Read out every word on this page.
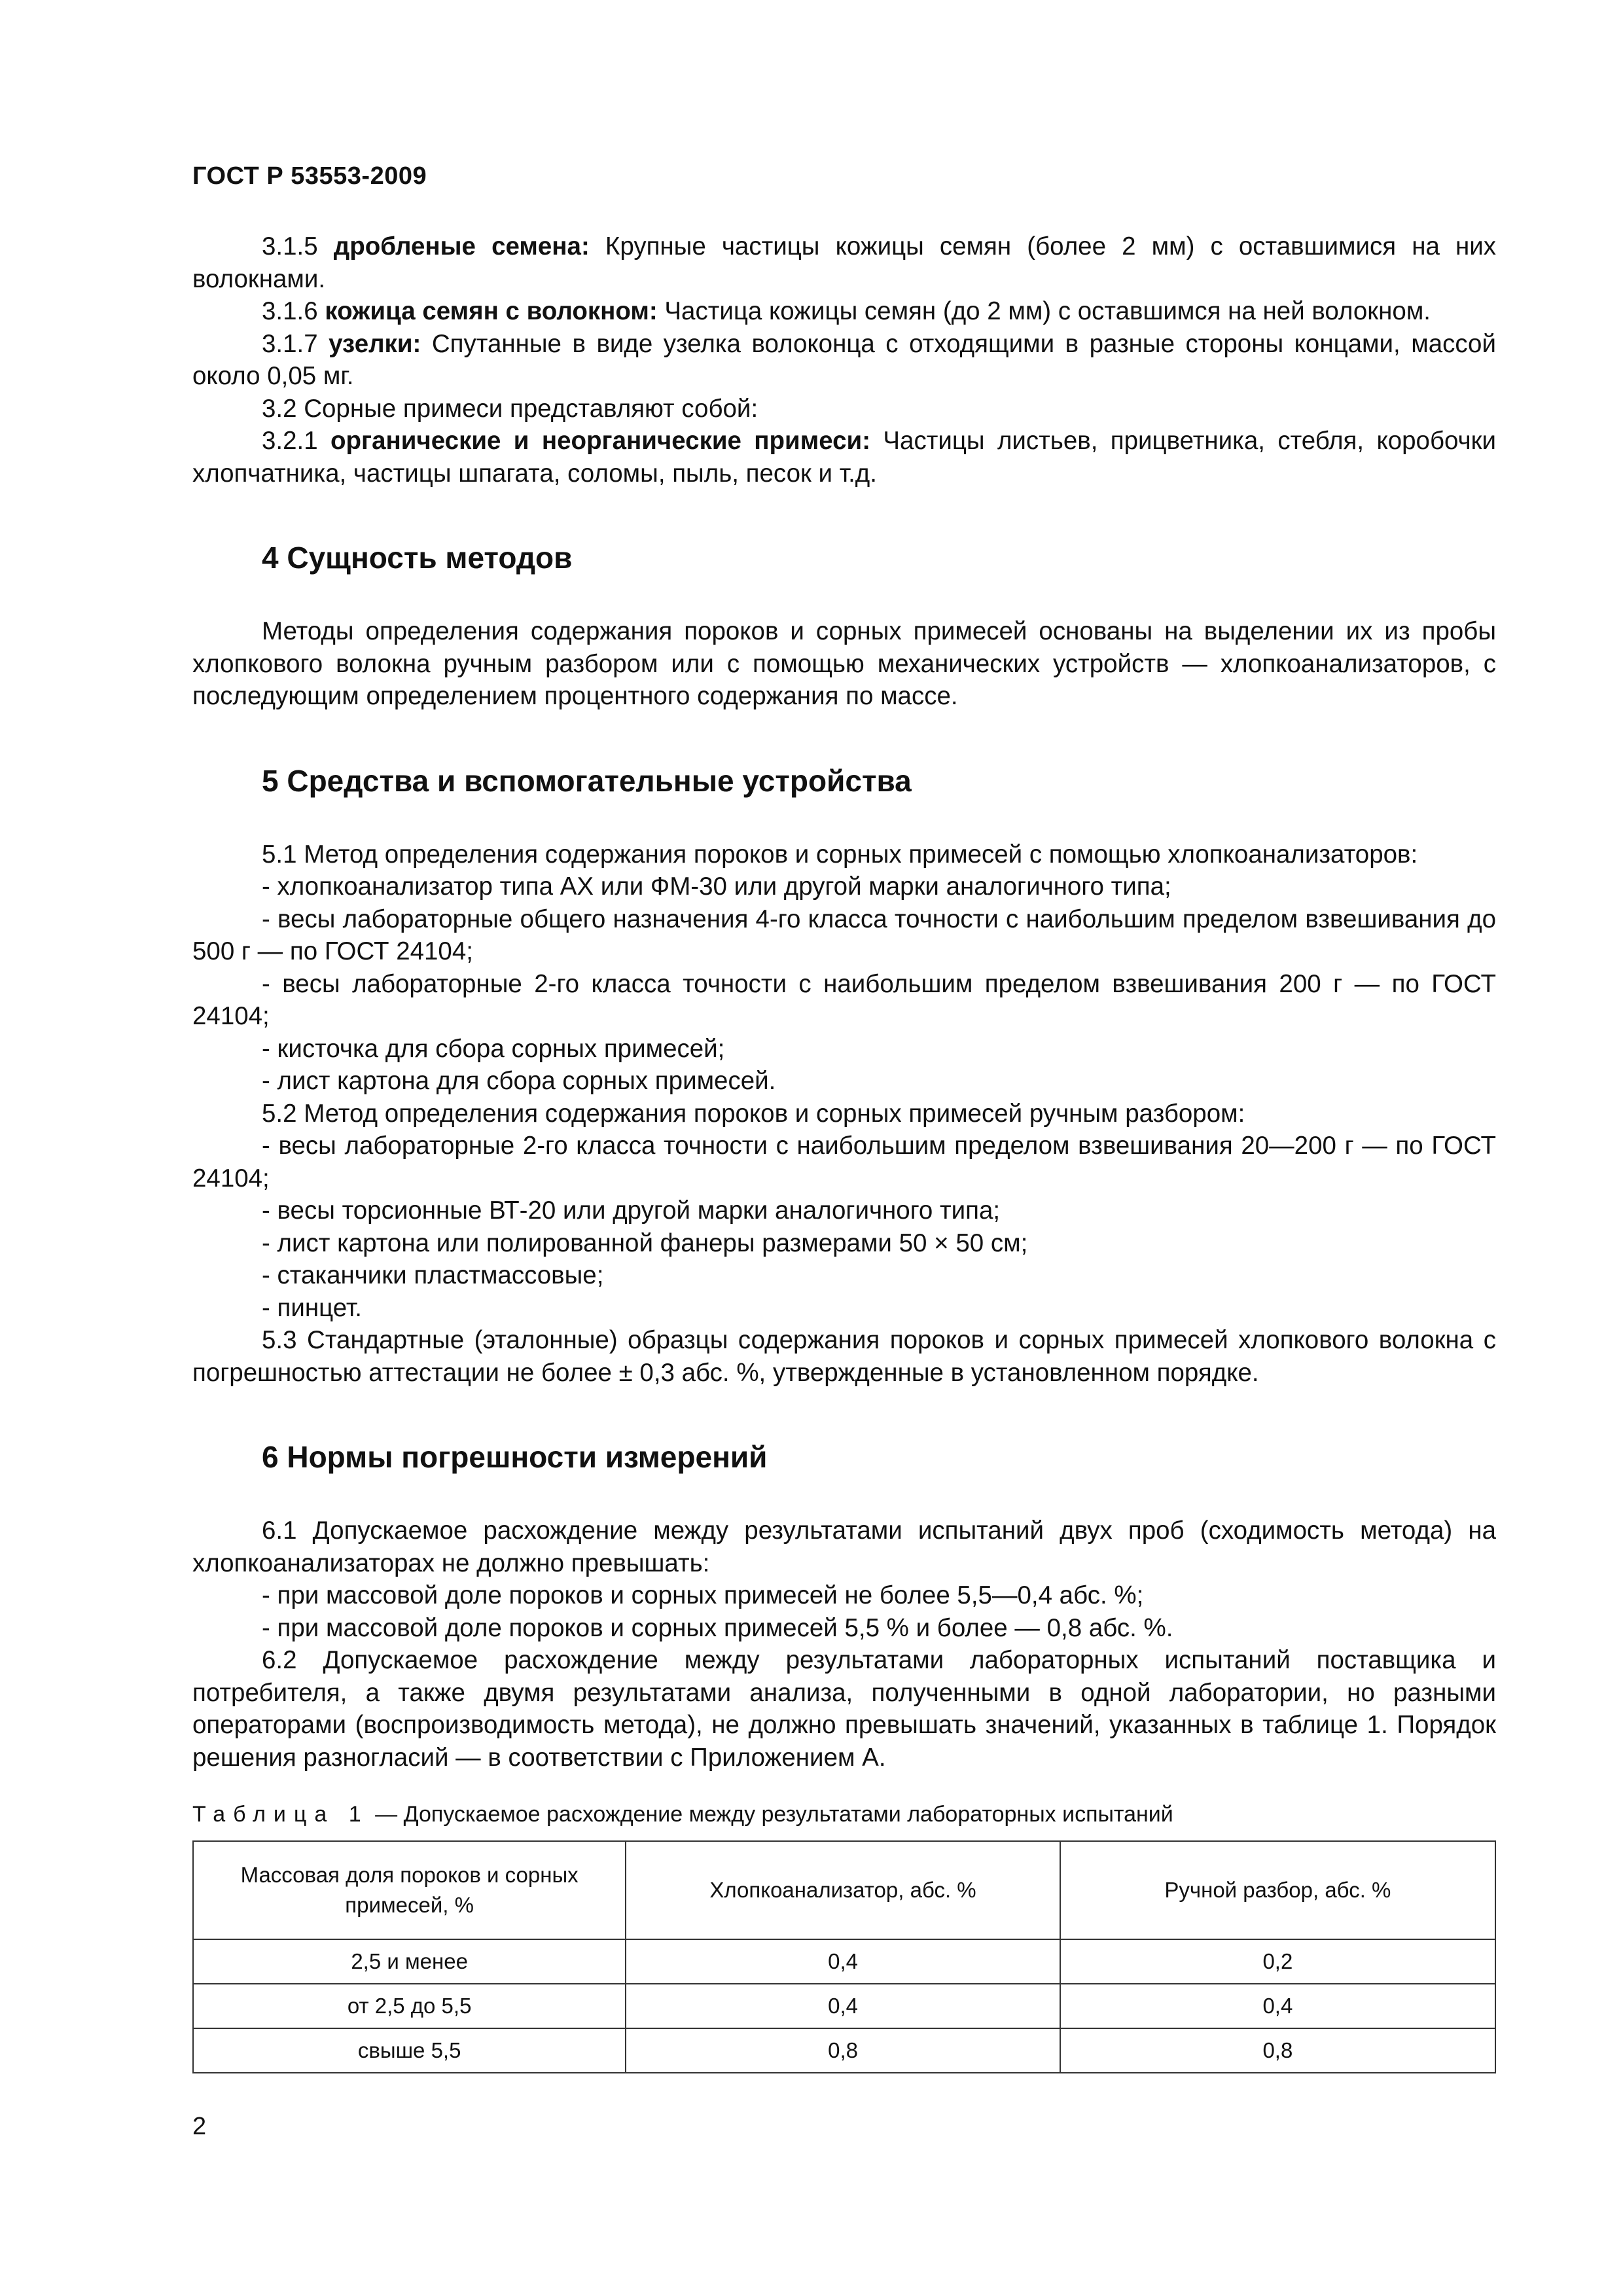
ГОСТ Р 53553-2009

3.1.5 дробленые семена: Крупные частицы кожицы семян (более 2 мм) с оставшимися на них волокнами.

3.1.6 кожица семян с волокном: Частица кожицы семян (до 2 мм) с оставшимся на ней волокном.

3.1.7 узелки: Спутанные в виде узелка волоконца с отходящими в разные стороны концами, массой около 0,05 мг.

3.2 Сорные примеси представляют собой:

3.2.1 органические и неорганические примеси: Частицы листьев, прицветника, стебля, коробочки хлопчатника, частицы шпагата, соломы, пыль, песок и т.д.

4 Сущность методов

Методы определения содержания пороков и сорных примесей основаны на выделении их из пробы хлопкового волокна ручным разбором или с помощью механических устройств — хлопкоанализаторов, с последующим определением процентного содержания по массе.

5 Средства и вспомогательные устройства

5.1 Метод определения содержания пороков и сорных примесей с помощью хлопкоанализаторов:

- хлопкоанализатор типа АХ или ФМ-30 или другой марки аналогичного типа;

- весы лабораторные общего назначения 4-го класса точности с наибольшим пределом взвешивания до 500 г — по ГОСТ 24104;

- весы лабораторные 2-го класса точности с наибольшим пределом взвешивания 200 г — по ГОСТ 24104;

- кисточка для сбора сорных примесей;

- лист картона для сбора сорных примесей.

5.2 Метод определения содержания пороков и сорных примесей ручным разбором:

- весы лабораторные 2-го класса точности с наибольшим пределом взвешивания 20—200 г — по ГОСТ 24104;

- весы торсионные ВТ-20 или другой марки аналогичного типа;

- лист картона или полированной фанеры размерами 50 × 50 см;

- стаканчики пластмассовые;

- пинцет.

5.3 Стандартные (эталонные) образцы содержания пороков и сорных примесей хлопкового волокна с погрешностью аттестации не более ± 0,3 абс. %, утвержденные в установленном порядке.

6 Нормы погрешности измерений

6.1 Допускаемое расхождение между результатами испытаний двух проб (сходимость метода) на хлопкоанализаторах не должно превышать:

- при массовой доле пороков и сорных примесей не более 5,5—0,4 абс. %;

- при массовой доле пороков и сорных примесей 5,5 % и более — 0,8 абс. %.

6.2 Допускаемое расхождение между результатами лабораторных испытаний поставщика и потребителя, а также двумя результатами анализа, полученными в одной лаборатории, но разными операторами (воспроизводимость метода), не должно превышать значений, указанных в таблице 1. Порядок решения разногласий — в соответствии с Приложением А.

Таблица 1 — Допускаемое расхождение между результатами лабораторных испытаний
Массовая доля пороков и сорных примесей, %	Хлопкоанализатор, абс. %	Ручной разбор, абс. %
2,5 и менее	0,4	0,2
от 2,5 до 5,5	0,4	0,4
свыше 5,5	0,8	0,8
2
